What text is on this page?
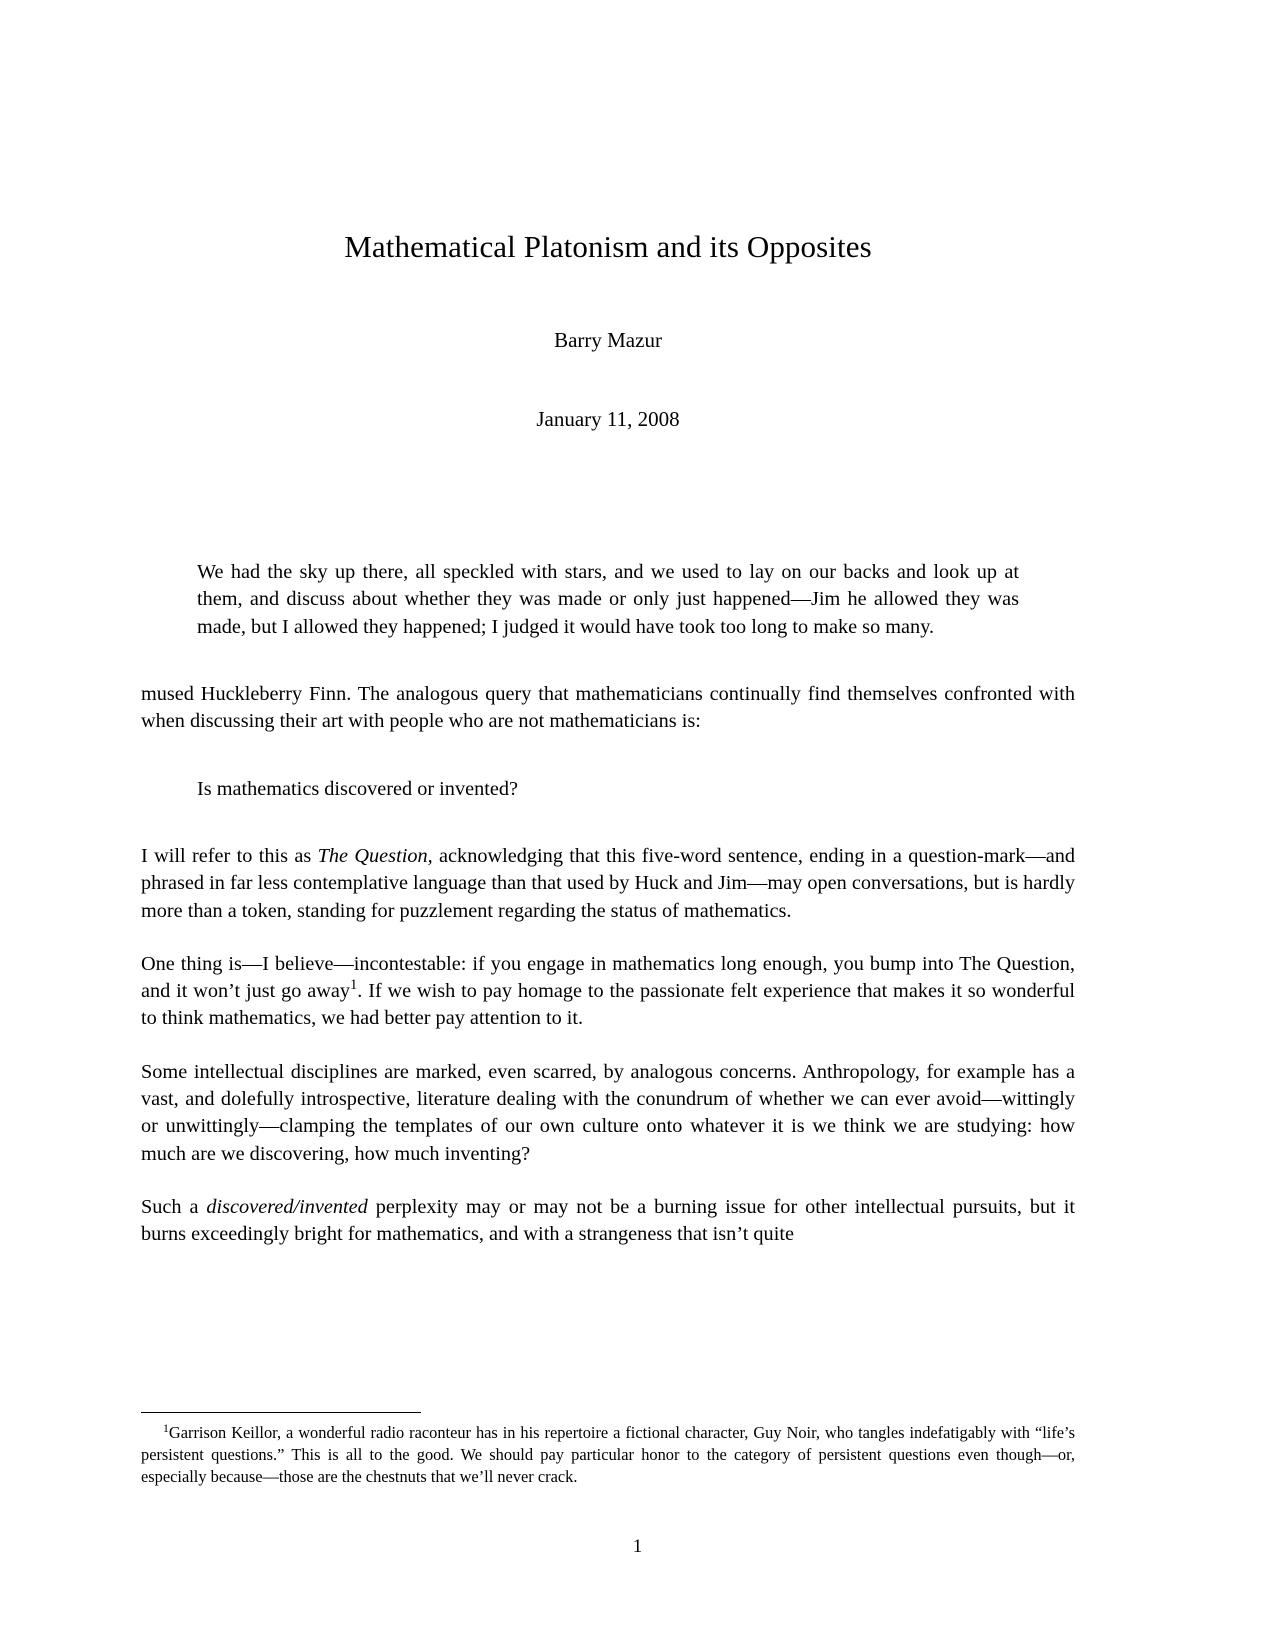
Mathematical Platonism and its Opposites
Barry Mazur
January 11, 2008
We had the sky up there, all speckled with stars, and we used to lay on our backs and look up at them, and discuss about whether they was made or only just happened—Jim he allowed they was made, but I allowed they happened; I judged it would have took too long to make so many.

mused Huckleberry Finn. The analogous query that mathematicians continually find themselves confronted with when discussing their art with people who are not mathematicians is:

Is mathematics discovered or invented?

I will refer to this as The Question, acknowledging that this five-word sentence, ending in a question-mark—and phrased in far less contemplative language than that used by Huck and Jim—may open conversations, but is hardly more than a token, standing for puzzlement regarding the status of mathematics.

One thing is—I believe—incontestable: if you engage in mathematics long enough, you bump into The Question, and it won’t just go away$^1$. If we wish to pay homage to the passionate felt experience that makes it so wonderful to think mathematics, we had better pay attention to it.

Some intellectual disciplines are marked, even scarred, by analogous concerns. Anthropology, for example has a vast, and dolefully introspective, literature dealing with the conundrum of whether we can ever avoid—wittingly or unwittingly—clamping the templates of our own culture onto whatever it is we think we are studying: how much are we discovering, how much inventing?

Such a discovered/invented perplexity may or may not be a burning issue for other intellectual pursuits, but it burns exceedingly bright for mathematics, and with a strangeness that isn’t quite

$^1$Garrison Keillor, a wonderful radio raconteur has in his repertoire a fictional character, Guy Noir, who tangles indefatigably with “life’s persistent questions.” This is all to the good. We should pay particular honor to the category of persistent questions even though—or, especially because—those are the chestnuts that we’ll never crack.

1
